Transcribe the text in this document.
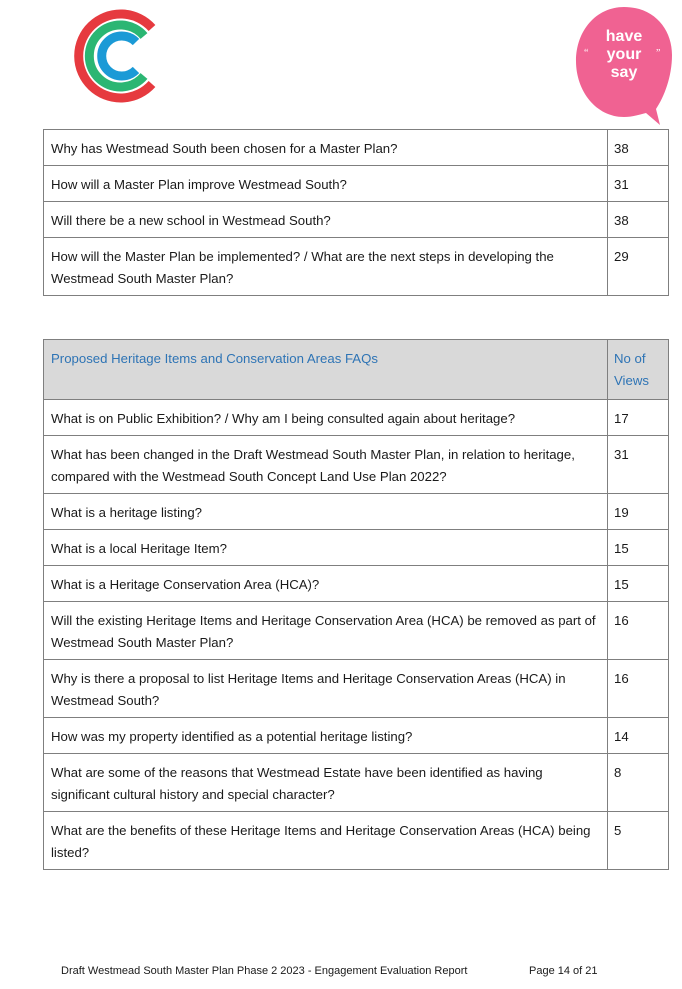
“	”
have
your
say
Why has Westmead South been chosen for a Master Plan?	38
How will a Master Plan improve Westmead South?	31
Will there be a new school in Westmead South?	38
How will the Master Plan be implemented? / What are the next steps in developing the Westmead South Master Plan?	29
Proposed Heritage Items and Conservation Areas FAQs	No of Views
What is on Public Exhibition? / Why am I being consulted again about heritage?	17
What has been changed in the Draft Westmead South Master Plan, in relation to heritage, compared with the Westmead South Concept Land Use Plan 2022?	31
What is a heritage listing?	19
What is a local Heritage Item?	15
What is a Heritage Conservation Area (HCA)?	15
Will the existing Heritage Items and Heritage Conservation Area (HCA) be removed as part of Westmead South Master Plan?	16
Why is there a proposal to list Heritage Items and Heritage Conservation Areas (HCA) in Westmead South?	16
How was my property identified as a potential heritage listing?	14
What are some of the reasons that Westmead Estate have been identified as having significant cultural history and special character?	8
What are the benefits of these Heritage Items and Heritage Conservation Areas (HCA) being listed?	5
Draft Westmead South Master Plan Phase 2 2023 - Engagement Evaluation Report	Page 14 of 21
